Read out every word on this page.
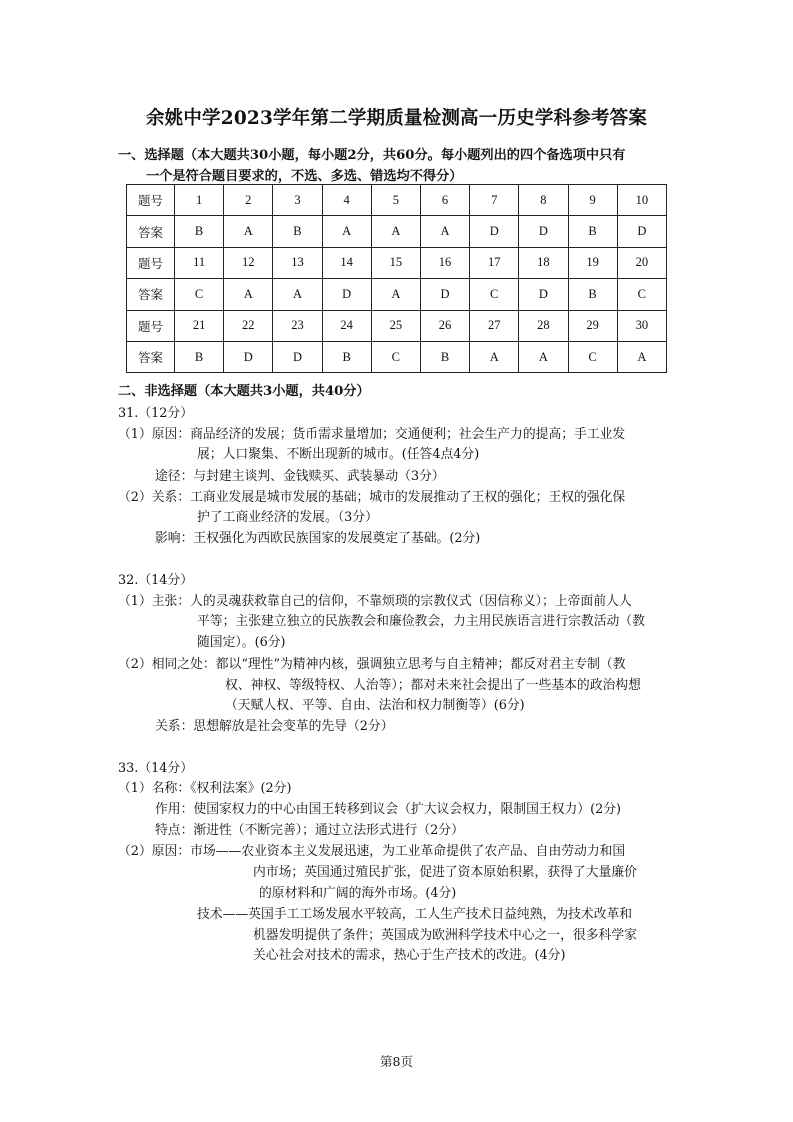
余姚中学2023学年第二学期质量检测高一历史学科参考答案
一、选择题（本大题共30小题，每小题2分，共60分。每小题列出的四个备选项中只有
一个是符合题目要求的，不选、多选、错选均不得分）
题号	1	2	3	4	5	6	7	8	9	10
答案	B	A	B	A	A	A	D	D	B	D
题号	11	12	13	14	15	16	17	18	19	20
答案	C	A	A	D	A	D	C	D	B	C
题号	21	22	23	24	25	26	27	28	29	30
答案	B	D	D	B	C	B	A	A	C	A
二、非选择题（本大题共3小题，共40分）
31.（12分）
（1）原因：商品经济的发展；货币需求量增加；交通便利；社会生产力的提高；手工业发
展；人口聚集、不断出现新的城市。(任答4点4分)
途径：与封建主谈判、金钱赎买、武装暴动（3分）
（2）关系：工商业发展是城市发展的基础；城市的发展推动了王权的强化；王权的强化保
护了工商业经济的发展。（3分）
影响：王权强化为西欧民族国家的发展奠定了基础。(2分)
32.（14分）
（1）主张：人的灵魂获救靠自己的信仰，不靠烦琐的宗教仪式（因信称义）；上帝面前人人
平等；主张建立独立的民族教会和廉俭教会，力主用民族语言进行宗教活动（教
随国定）。(6分)
（2）相同之处：都以“理性”为精神内核，强调独立思考与自主精神；都反对君主专制（教
权、神权、等级特权、人治等）；都对未来社会提出了一些基本的政治构想
（天赋人权、平等、自由、法治和权力制衡等）(6分)
关系：思想解放是社会变革的先导（2分）
33.（14分）
（1）名称：《权利法案》(2分)
作用：使国家权力的中心由国王转移到议会（扩大议会权力，限制国王权力）(2分)
特点：渐进性（不断完善）；通过立法形式进行（2分）
（2）原因：市场——农业资本主义发展迅速，为工业革命提供了农产品、自由劳动力和国
内市场；英国通过殖民扩张，促进了资本原始积累，获得了大量廉价
的原材料和广阔的海外市场。(4分)
技术——英国手工工场发展水平较高，工人生产技术日益纯熟，为技术改革和
机器发明提供了条件；英国成为欧洲科学技术中心之一，很多科学家
关心社会对技术的需求，热心于生产技术的改进。(4分)
第8页
